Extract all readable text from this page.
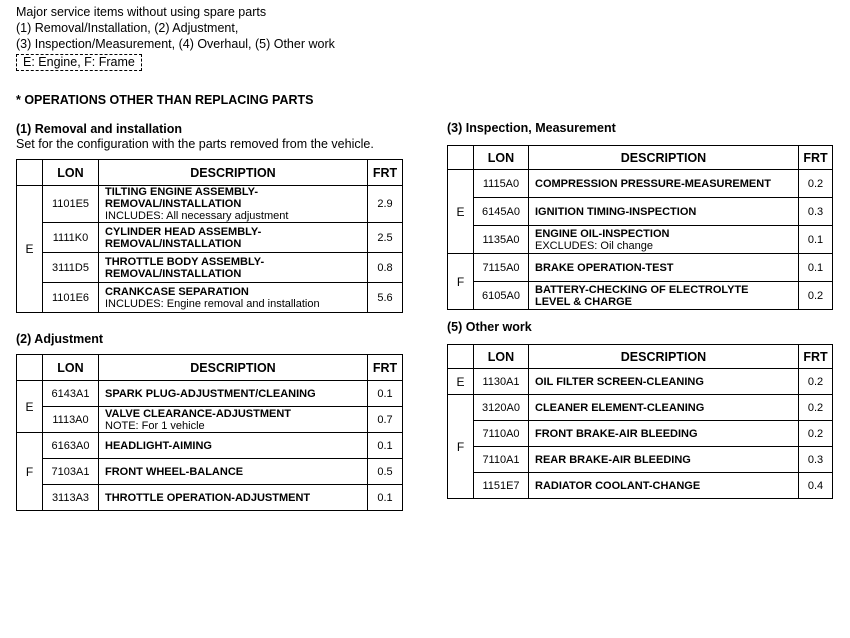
Major service items without using spare parts
(1) Removal/Installation, (2) Adjustment,
(3) Inspection/Measurement, (4) Overhaul, (5) Other work
E: Engine, F: Frame
* OPERATIONS OTHER THAN REPLACING PARTS
(1) Removal and installation
Set for the configuration with the parts removed from the vehicle.
	LON	DESCRIPTION	FRT
E	1101E5	TILTING ENGINE ASSEMBLY-
REMOVAL/INSTALLATION
INCLUDES: All necessary adjustment	2.9
	1111K0	CYLINDER HEAD ASSEMBLY-
REMOVAL/INSTALLATION	2.5
	3111D5	THROTTLE BODY ASSEMBLY-
REMOVAL/INSTALLATION	0.8
	1101E6	CRANKCASE SEPARATION
INCLUDES: Engine removal and installation	5.6
(2) Adjustment
	LON	DESCRIPTION	FRT
E	6143A1	SPARK PLUG-ADJUSTMENT/CLEANING	0.1
	1113A0	VALVE CLEARANCE-ADJUSTMENT
NOTE: For 1 vehicle	0.7
F	6163A0	HEADLIGHT-AIMING	0.1
	7103A1	FRONT WHEEL-BALANCE	0.5
	3113A3	THROTTLE OPERATION-ADJUSTMENT	0.1
(3) Inspection, Measurement
	LON	DESCRIPTION	FRT
E	1115A0	COMPRESSION PRESSURE-MEASUREMENT	0.2
	6145A0	IGNITION TIMING-INSPECTION	0.3
	1135A0	ENGINE OIL-INSPECTION
EXCLUDES: Oil change	0.1
F	7115A0	BRAKE OPERATION-TEST	0.1
	6105A0	BATTERY-CHECKING OF ELECTROLYTE
LEVEL & CHARGE	0.2
(5) Other work
	LON	DESCRIPTION	FRT
E	1130A1	OIL FILTER SCREEN-CLEANING	0.2
F	3120A0	CLEANER ELEMENT-CLEANING	0.2
	7110A0	FRONT BRAKE-AIR BLEEDING	0.2
	7110A1	REAR BRAKE-AIR BLEEDING	0.3
	1151E7	RADIATOR COOLANT-CHANGE	0.4
